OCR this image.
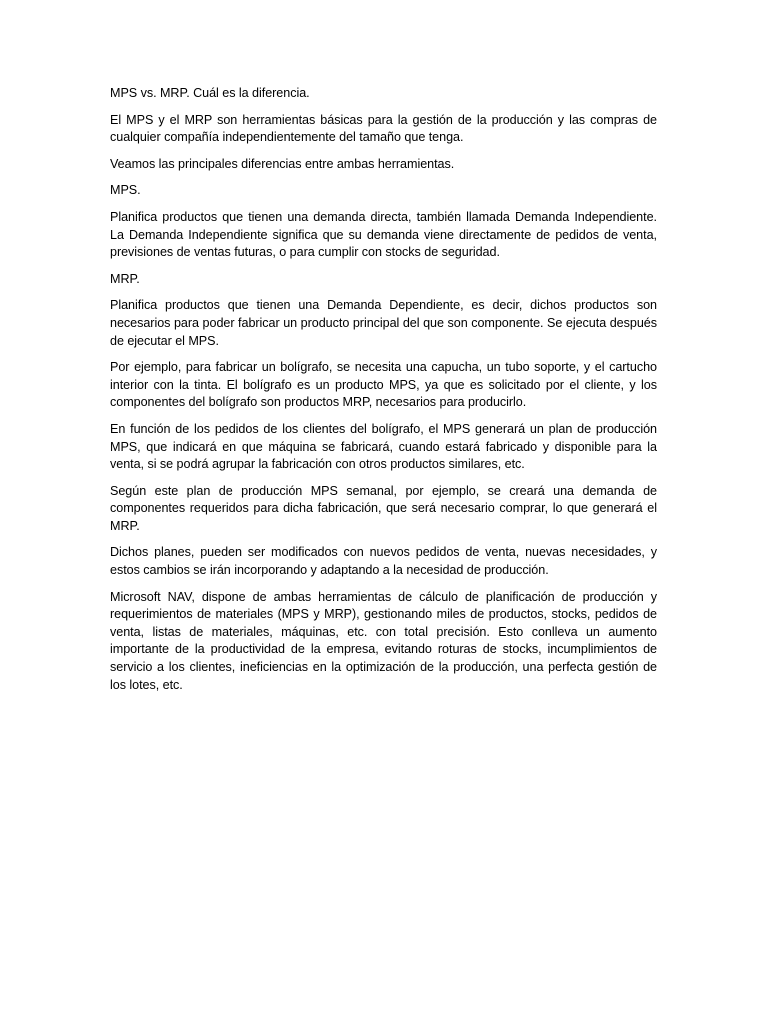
MPS vs. MRP. Cuál es la diferencia.

El MPS y el MRP son herramientas básicas para la gestión de la producción y las compras de cualquier compañía independientemente del tamaño que tenga.

Veamos las principales diferencias entre ambas herramientas.

MPS.

Planifica productos que tienen una demanda directa, también llamada Demanda Independiente. La Demanda Independiente significa que su demanda viene directamente de pedidos de venta, previsiones de ventas futuras, o para cumplir con stocks de seguridad.

MRP.

Planifica productos que tienen una Demanda Dependiente, es decir, dichos productos son necesarios para poder fabricar un producto principal del que son componente. Se ejecuta después de ejecutar el MPS.

Por ejemplo, para fabricar un bolígrafo, se necesita una capucha, un tubo soporte, y el cartucho interior con la tinta. El bolígrafo es un producto MPS, ya que es solicitado por el cliente, y los componentes del bolígrafo son productos MRP, necesarios para producirlo.

En función de los pedidos de los clientes del bolígrafo, el MPS generará un plan de producción MPS, que indicará en que máquina se fabricará, cuando estará fabricado y disponible para la venta, si se podrá agrupar la fabricación con otros productos similares, etc.

Según este plan de producción MPS semanal, por ejemplo, se creará una demanda de componentes requeridos para dicha fabricación, que será necesario comprar, lo que generará el MRP.

Dichos planes, pueden ser modificados con nuevos pedidos de venta, nuevas necesidades, y estos cambios se irán incorporando y adaptando a la necesidad de producción.

Microsoft NAV, dispone de ambas herramientas de cálculo de planificación de producción y requerimientos de materiales (MPS y MRP), gestionando miles de productos, stocks, pedidos de venta, listas de materiales, máquinas, etc. con total precisión. Esto conlleva un aumento importante de la productividad de la empresa, evitando roturas de stocks, incumplimientos de servicio a los clientes, ineficiencias en la optimización de la producción, una perfecta gestión de los lotes, etc.
